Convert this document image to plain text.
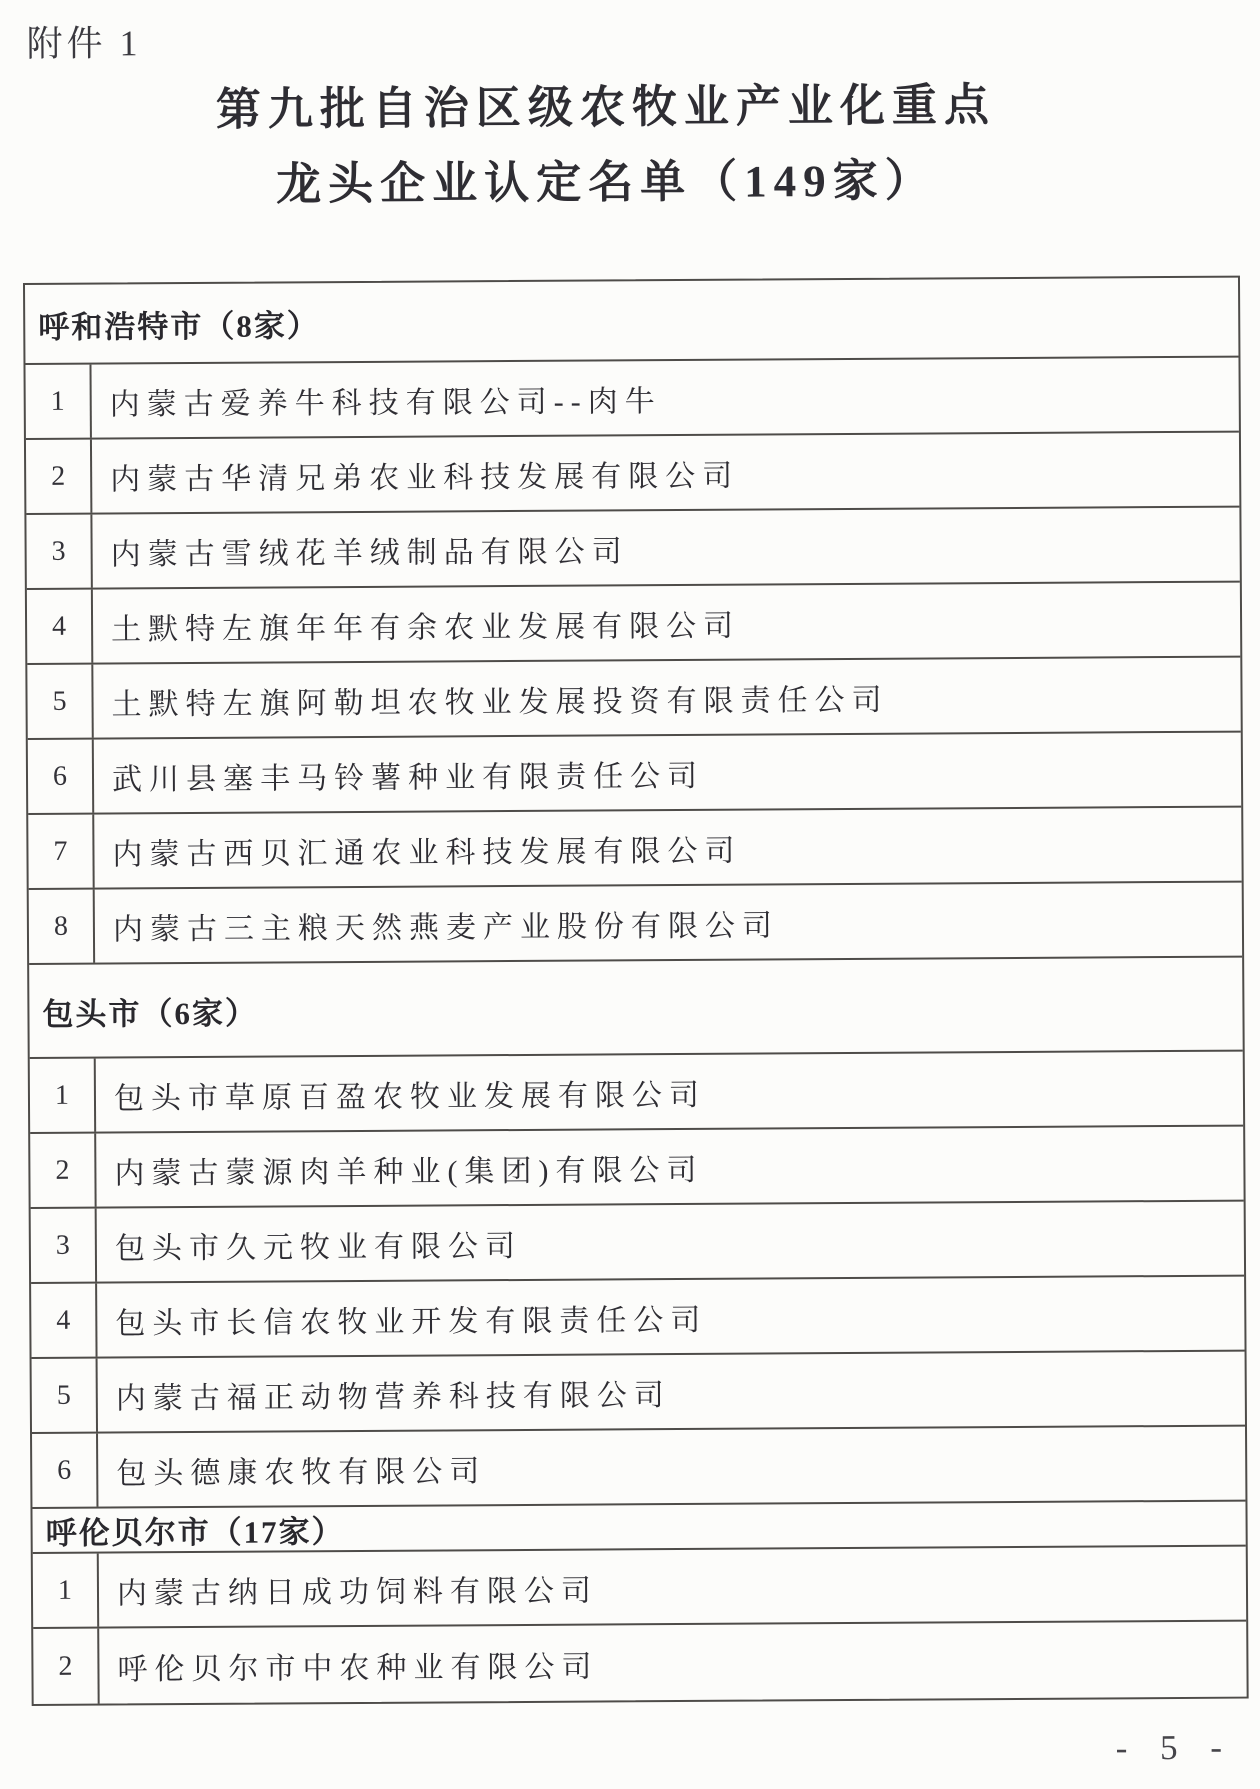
附件 1
第九批自治区级农牧业产业化重点
龙头企业认定名单（149家）
呼和浩特市（8家）
1	内蒙古爱养牛科技有限公司--肉牛
2	内蒙古华清兄弟农业科技发展有限公司
3	内蒙古雪绒花羊绒制品有限公司
4	土默特左旗年年有余农业发展有限公司
5	土默特左旗阿勒坦农牧业发展投资有限责任公司
6	武川县塞丰马铃薯种业有限责任公司
7	内蒙古西贝汇通农业科技发展有限公司
8	内蒙古三主粮天然燕麦产业股份有限公司
包头市（6家）
1	包头市草原百盈农牧业发展有限公司
2	内蒙古蒙源肉羊种业(集团)有限公司
3	包头市久元牧业有限公司
4	包头市长信农牧业开发有限责任公司
5	内蒙古福正动物营养科技有限公司
6	包头德康农牧有限公司
呼伦贝尔市（17家）
1	内蒙古纳日成功饲料有限公司
2	呼伦贝尔市中农种业有限公司
- 5 -
